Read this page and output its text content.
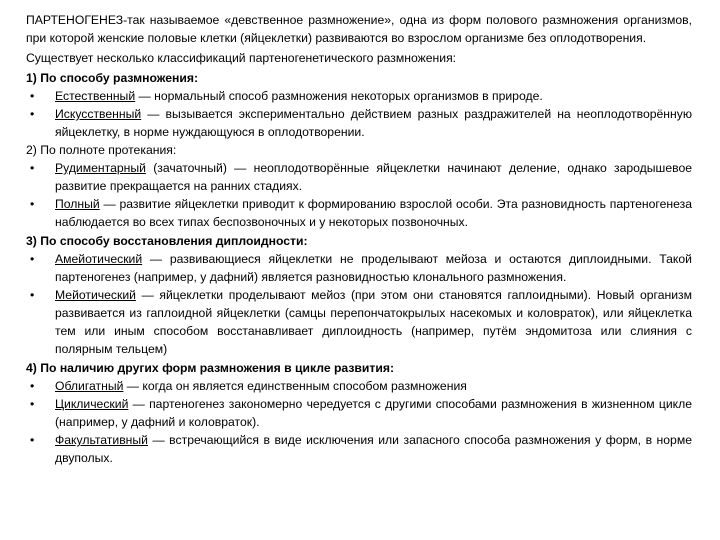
ПАРТЕНОГЕНЕЗ-так называемое «девственное размножение», одна из форм полового размножения организмов, при которой женские половые клетки (яйцеклетки) развиваются во взрослом организме без оплодотворения.

Существует несколько классификаций партеногенетического размножения:

1) По способу размножения:

• Естественный — нормальный способ размножения некоторых организмов в природе.
• Искусственный — вызывается экспериментально действием разных раздражителей на неоплодотворённую яйцеклетку, в норме нуждающуюся в оплодотворении.

2) По полноте протекания:

• Рудиментарный (зачаточный) — неоплодотворённые яйцеклетки начинают деление, однако зародышевое развитие прекращается на ранних стадиях.
• Полный — развитие яйцеклетки приводит к формированию взрослой особи. Эта разновидность партеногенеза наблюдается во всех типах беспозвоночных и у некоторых позвоночных.

3) По способу восстановления диплоидности:

• Амейотический — развивающиеся яйцеклетки не проделывают мейоза и остаются диплоидными. Такой партеногенез (например, у дафний) является разновидностью клонального размножения.
• Мейотический — яйцеклетки проделывают мейоз (при этом они становятся гаплоидными). Новый организм развивается из гаплоидной яйцеклетки (самцы перепончатокрылых насекомых и коловраток), или яйцеклетка тем или иным способом восстанавливает диплоидность (например, путём эндомитоза или слияния с полярным тельцем)

4) По наличию других форм размножения в цикле развития:

• Облигатный — когда он является единственным способом размножения
• Циклический — партеногенез закономерно чередуется с другими способами размножения в жизненном цикле (например, у дафний и коловраток).
• Факультативный — встречающийся в виде исключения или запасного способа размножения у форм, в норме двуполых.
